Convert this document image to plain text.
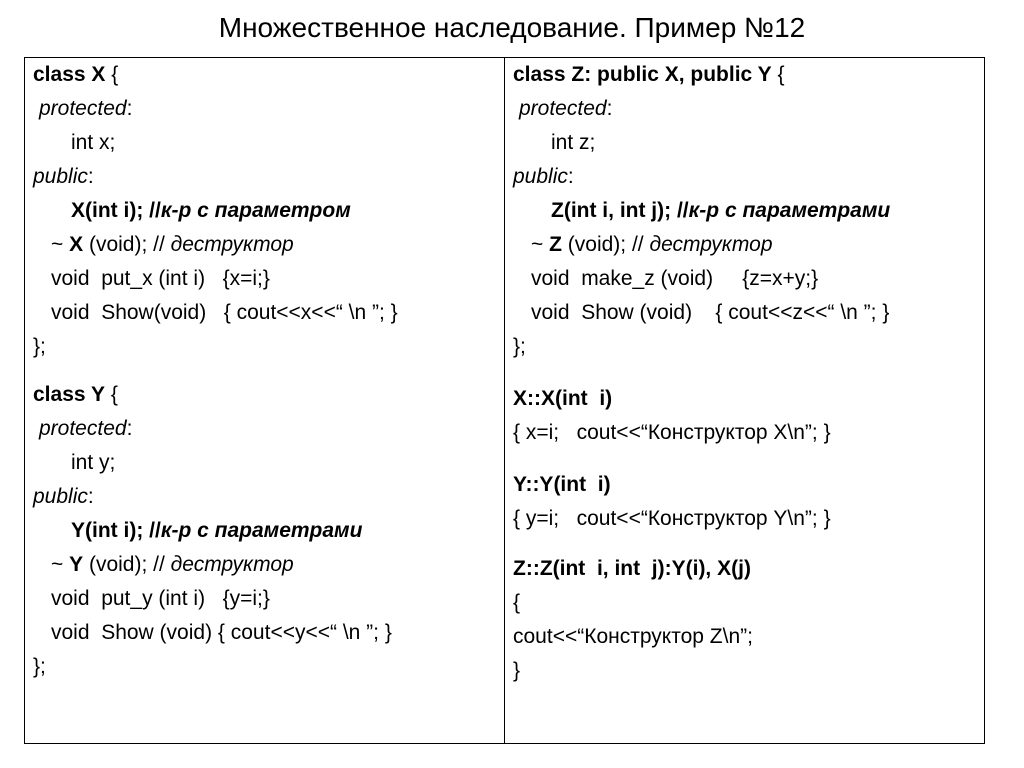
Множественное наследование. Пример №12
class X {
protected:
int x;
public:
X(int i); //к-р с параметром
~ X (void); // деструктор
void  put_x (int i)   {x=i;}
void  Show(void)   { cout<<x<<“ \n ”; }
};
class Y {
protected:
int y;
public:
Y(int i); //к-р с параметрами
~ Y (void); // деструктор
void  put_y (int i)   {y=i;}
void  Show (void) { cout<<y<<“ \n ”; }
};
class Z: public X, public Y {
protected:
int z;
public:
Z(int i, int j); //к-р с параметрами
~ Z (void); // деструктор
void  make_z (void)     {z=x+y;}
void  Show (void)    { cout<<z<<“ \n ”; }
};
X::X(int  i)
{ x=i;   cout<<“Конструктор X\n”; }
Y::Y(int  i)
{ y=i;   cout<<“Конструктор Y\n”; }
Z::Z(int  i, int  j):Y(i), X(j)
{
cout<<“Конструктор Z\n”;
}
